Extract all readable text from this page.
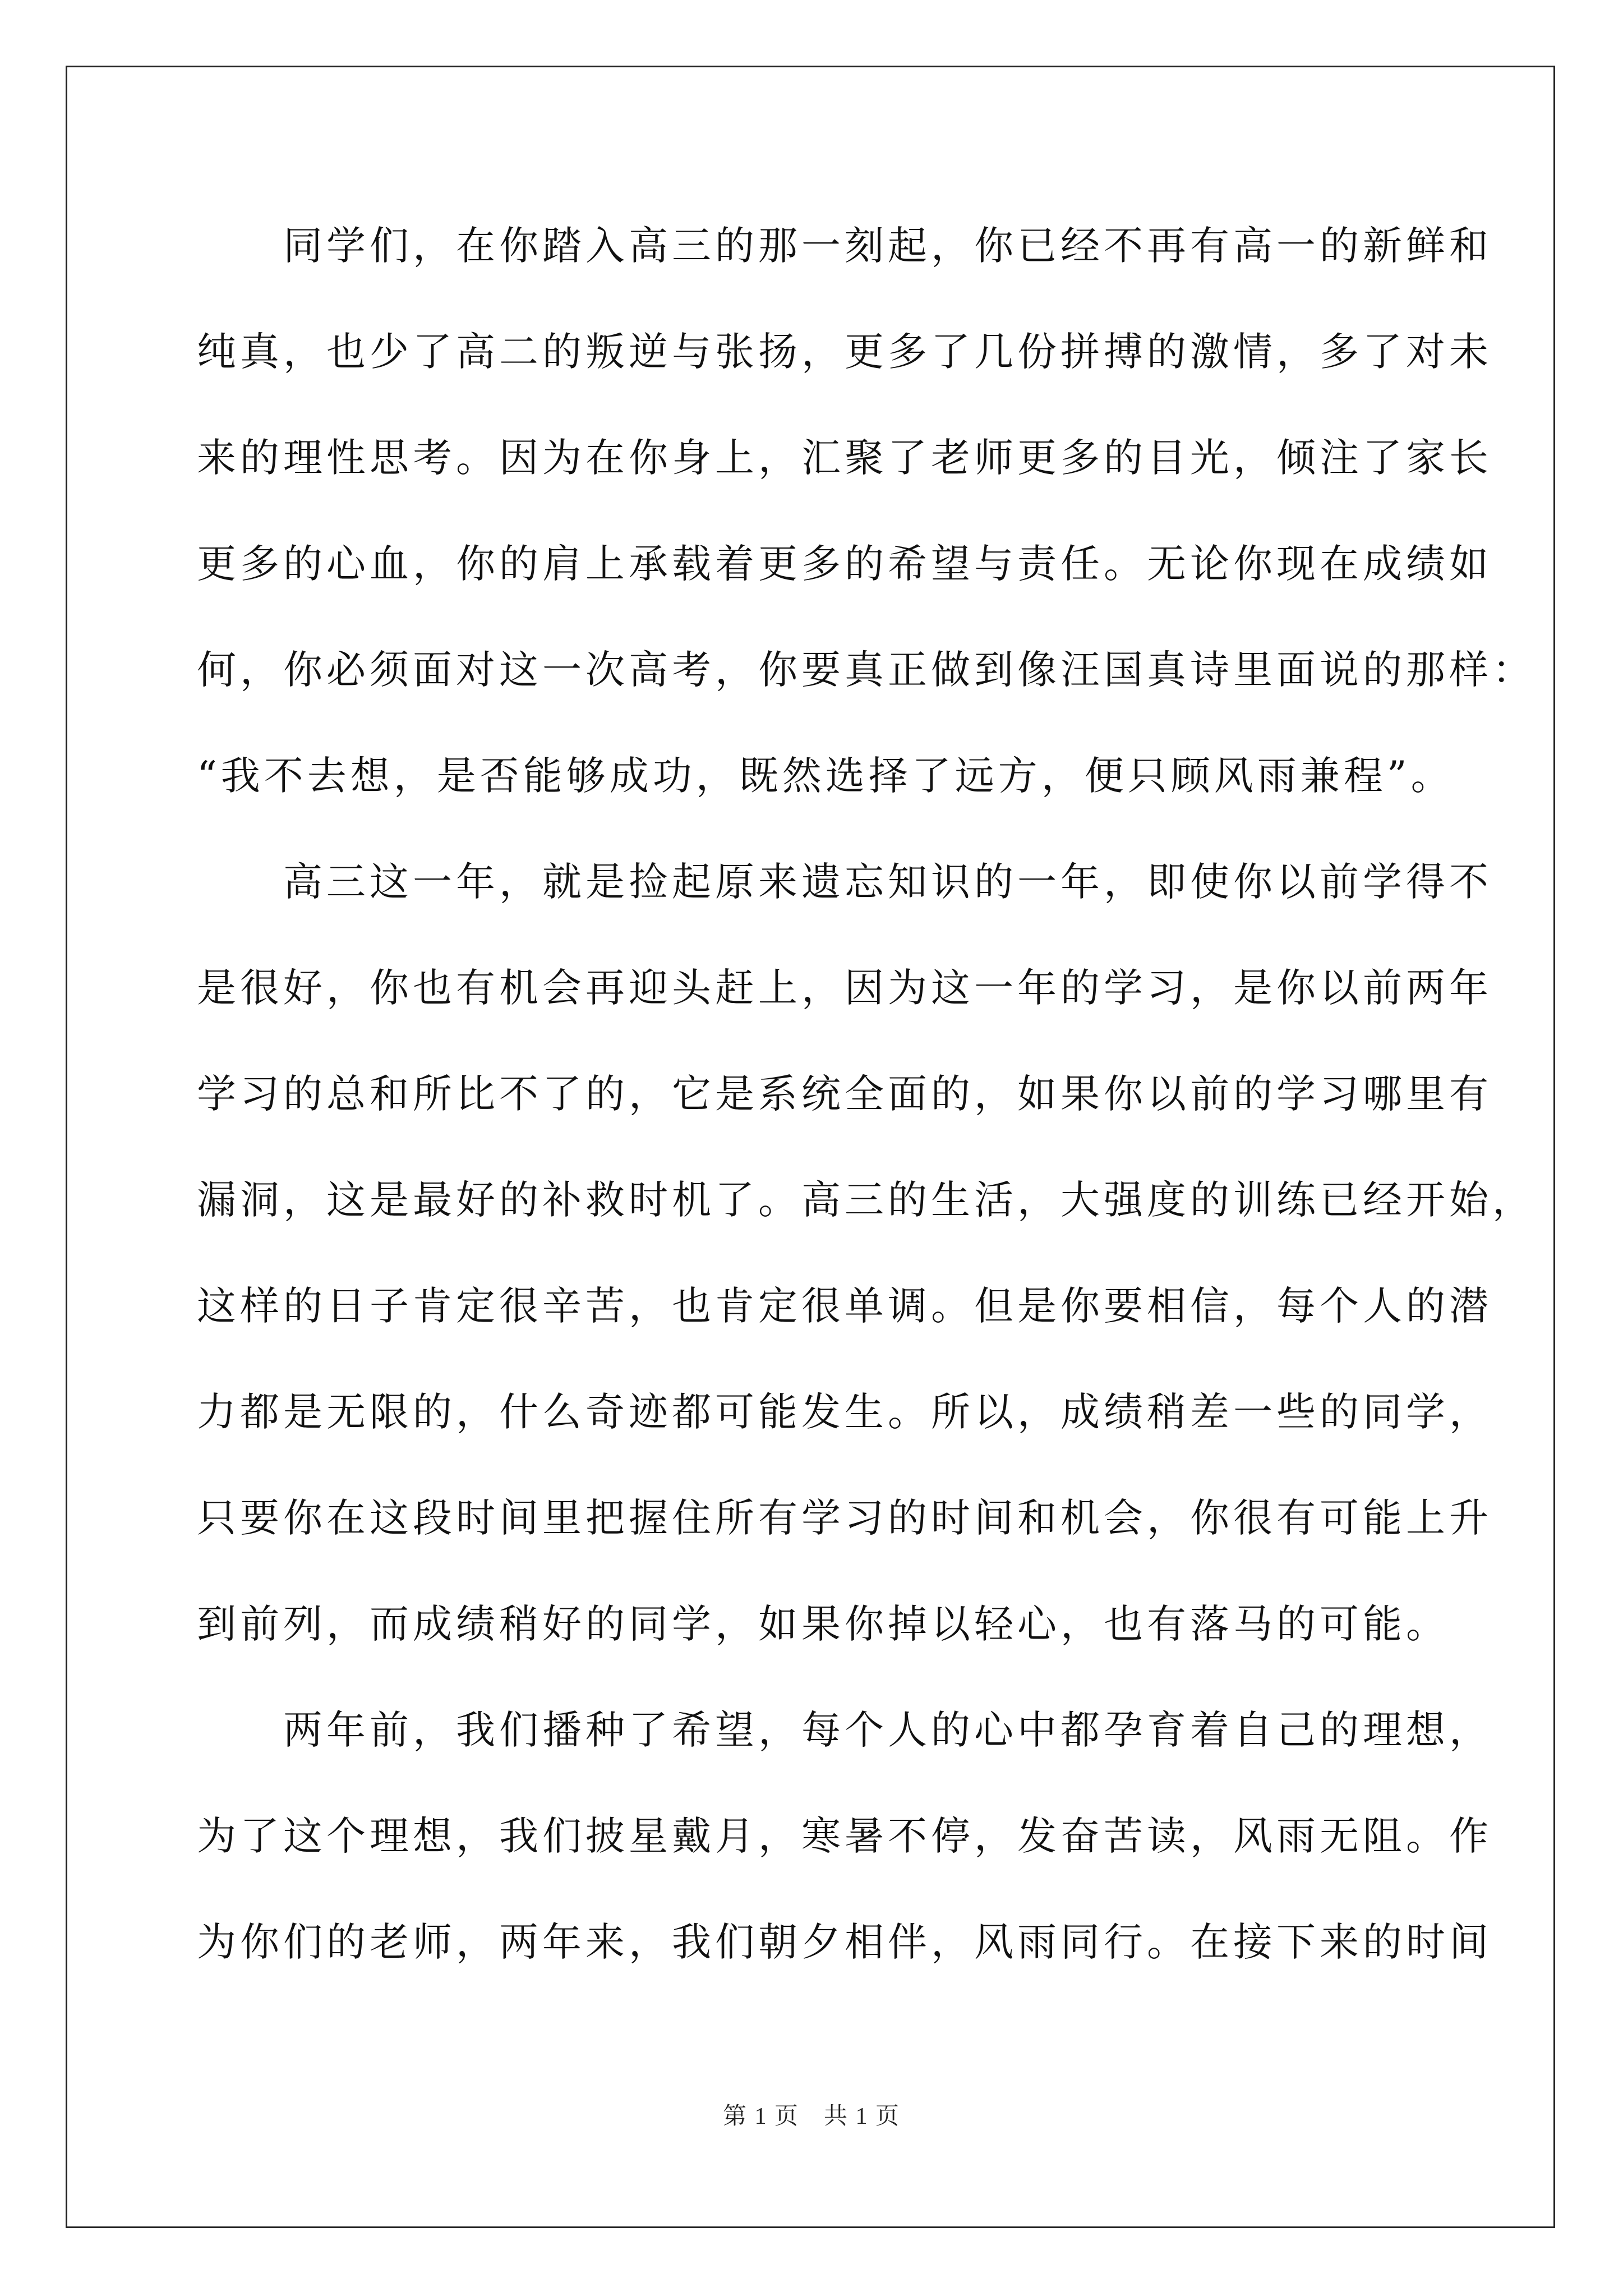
　　同学们，在你踏入高三的那一刻起，你已经不再有高一的新鲜和
纯真，也少了高二的叛逆与张扬，更多了几份拼搏的激情，多了对未
来的理性思考。因为在你身上，汇聚了老师更多的目光，倾注了家长
更多的心血，你的肩上承载着更多的希望与责任。无论你现在成绩如
何，你必须面对这一次高考，你要真正做到像汪国真诗里面说的那样：
“我不去想，是否能够成功，既然选择了远方，便只顾风雨兼程”。
　　高三这一年，就是捡起原来遗忘知识的一年，即使你以前学得不
是很好，你也有机会再迎头赶上，因为这一年的学习，是你以前两年
学习的总和所比不了的，它是系统全面的，如果你以前的学习哪里有
漏洞，这是最好的补救时机了。高三的生活，大强度的训练已经开始，
这样的日子肯定很辛苦，也肯定很单调。但是你要相信，每个人的潜
力都是无限的，什么奇迹都可能发生。所以，成绩稍差一些的同学，
只要你在这段时间里把握住所有学习的时间和机会，你很有可能上升
到前列，而成绩稍好的同学，如果你掉以轻心，也有落马的可能。
　　两年前，我们播种了希望，每个人的心中都孕育着自己的理想，
为了这个理想，我们披星戴月，寒暑不停，发奋苦读，风雨无阻。作
为你们的老师，两年来，我们朝夕相伴，风雨同行。在接下来的时间
第 1 页　共 1 页
